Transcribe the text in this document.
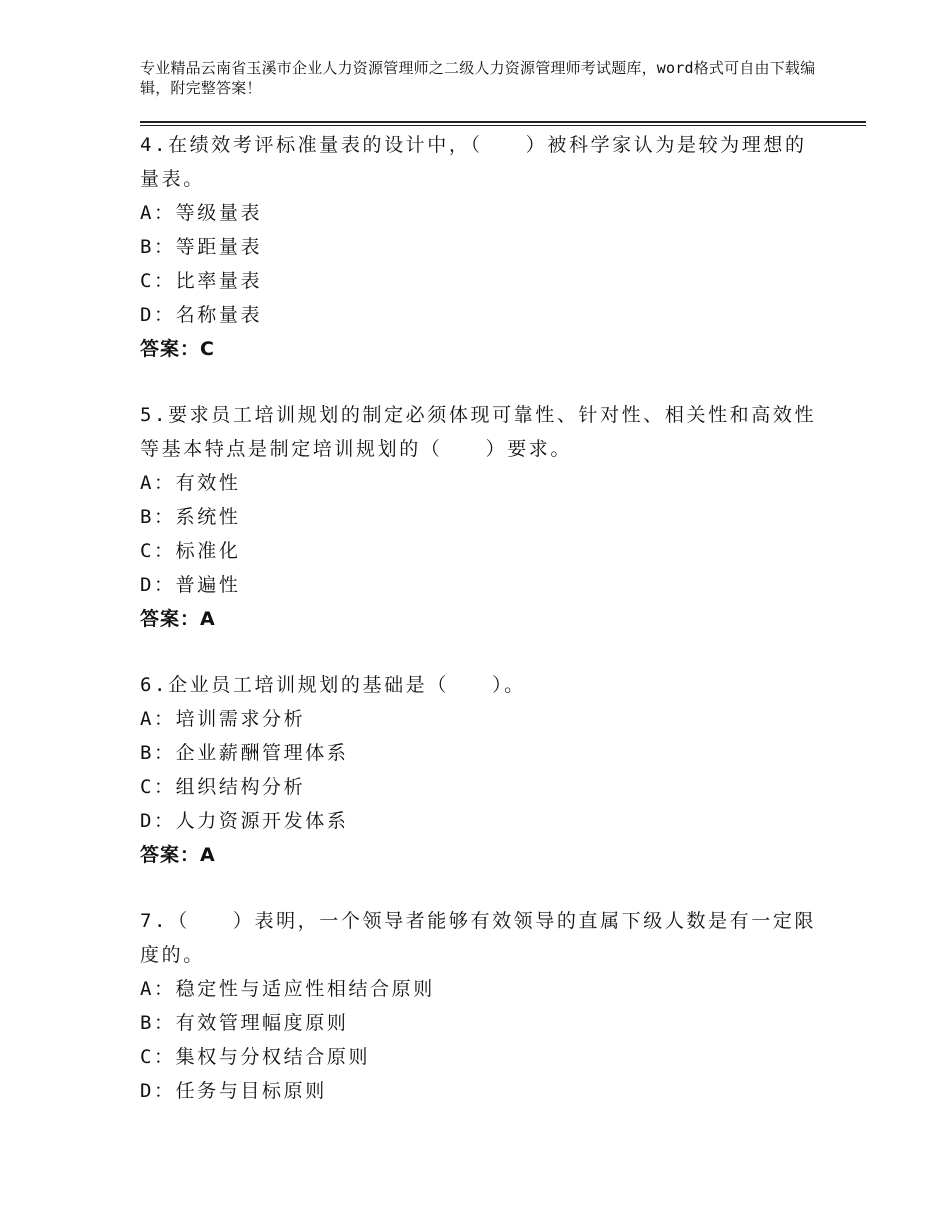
专业精品云南省玉溪市企业人力资源管理师之二级人力资源管理师考试题库，word格式可自由下载编辑，附完整答案！

4.在绩效考评标准量表的设计中，（　　）被科学家认为是较为理想的量表。

A：等级量表

B：等距量表

C：比率量表

D：名称量表

答案：C

5.要求员工培训规划的制定必须体现可靠性、针对性、相关性和高效性等基本特点是制定培训规划的（　　）要求。

A：有效性

B：系统性

C：标准化

D：普遍性

答案：A

6.企业员工培训规划的基础是（　　）。

A：培训需求分析

B：企业薪酬管理体系

C：组织结构分析

D：人力资源开发体系

答案：A

7.（　　）表明，一个领导者能够有效领导的直属下级人数是有一定限度的。

A：稳定性与适应性相结合原则

B：有效管理幅度原则

C：集权与分权结合原则

D：任务与目标原则
